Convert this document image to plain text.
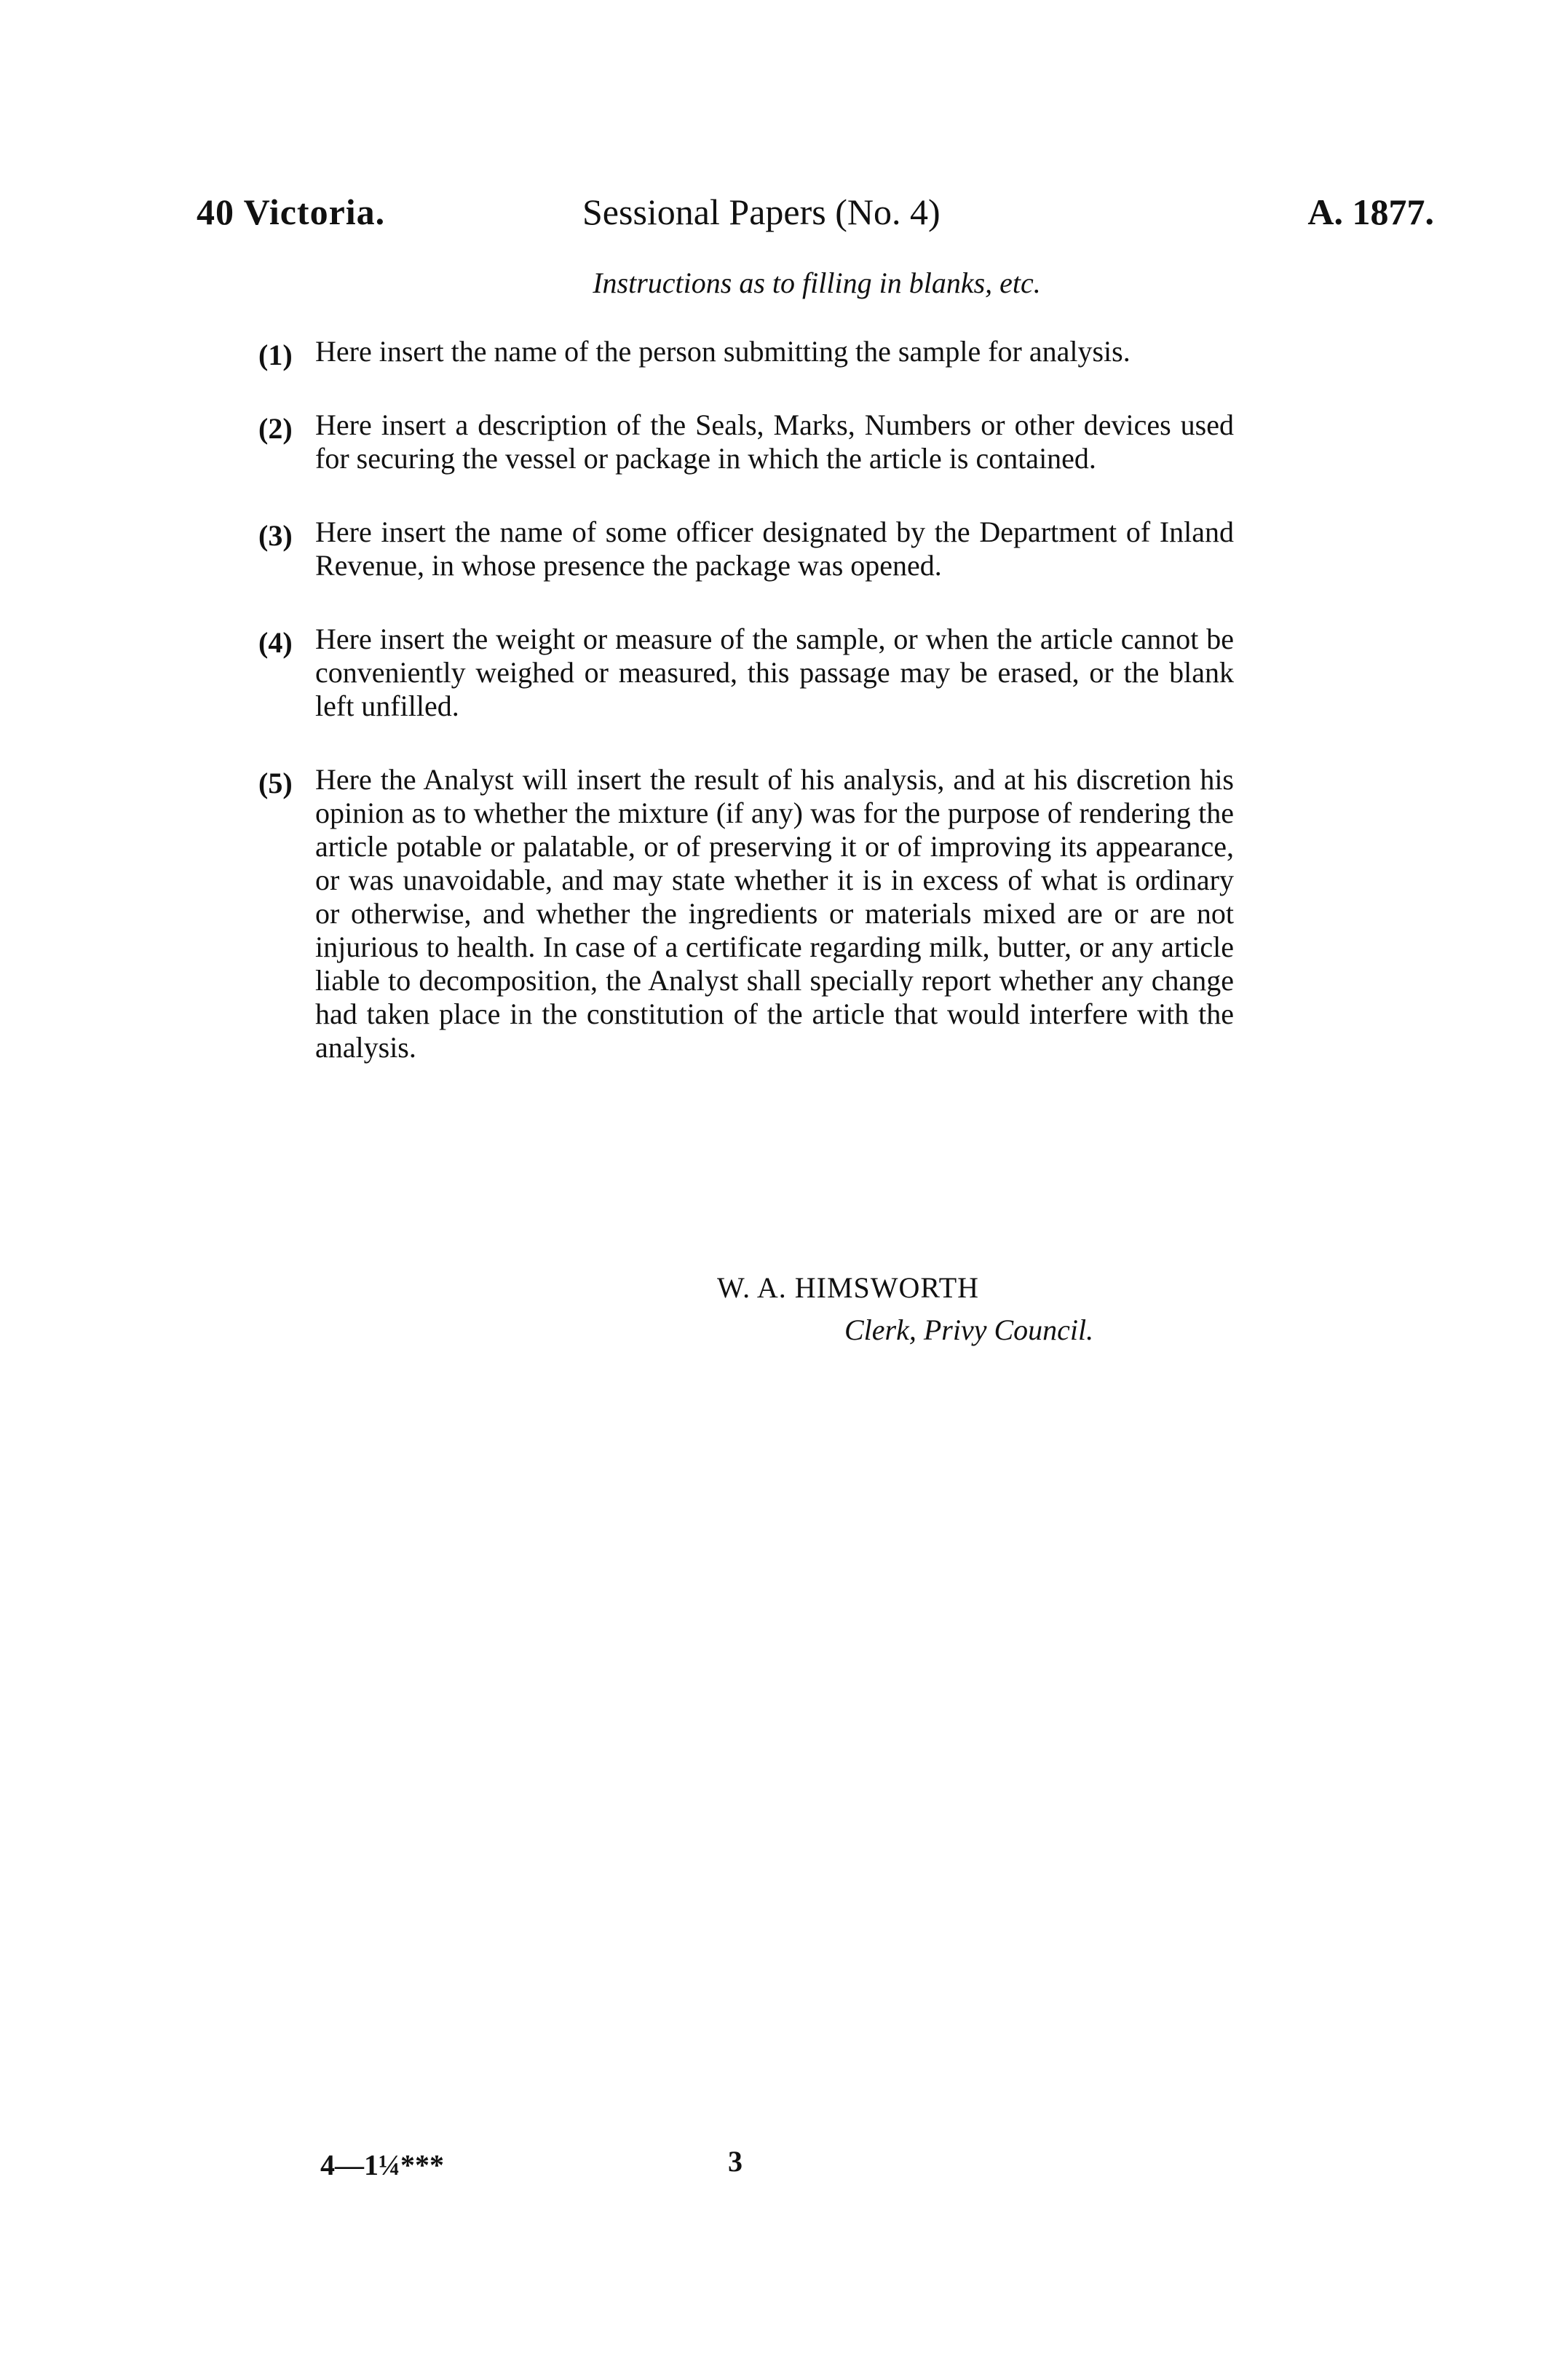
40 Victoria.	Sessional Papers (No. 4)	A. 1877.
Instructions as to filling in blanks, etc.
(1) Here insert the name of the person submitting the sample for analysis.
(2) Here insert a description of the Seals, Marks, Numbers or other devices used for securing the vessel or package in which the article is contained.
(3) Here insert the name of some officer designated by the Department of Inland Revenue, in whose presence the package was opened.
(4) Here insert the weight or measure of the sample, or when the article cannot be conveniently weighed or measured, this passage may be erased, or the blank left unfilled.
(5) Here the Analyst will insert the result of his analysis, and at his discretion his opinion as to whether the mixture (if any) was for the purpose of rendering the article potable or palatable, or of preserving it or of improving its appearance, or was unavoidable, and may state whether it is in excess of what is ordinary or otherwise, and whether the ingredients or materials mixed are or are not injurious to health. In case of a certificate regarding milk, butter, or any article liable to decomposition, the Analyst shall specially report whether any change had taken place in the constitution of the article that would interfere with the analysis.
W. A. HIMSWORTH
Clerk, Privy Council.
4—1¼***	3
